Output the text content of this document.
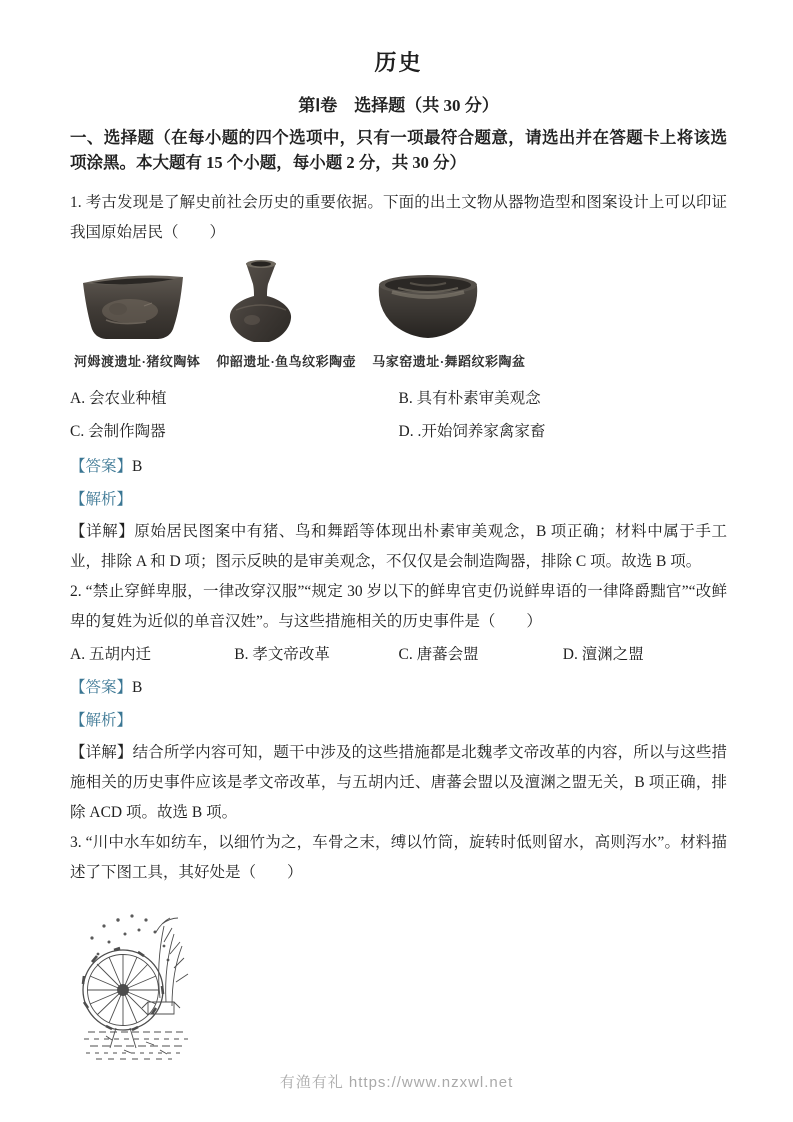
历史
第Ⅰ卷　选择题（共 30 分）

一、选择题（在每小题的四个选项中，只有一项最符合题意，请选出并在答题卡上将该选项涂黑。本大题有 15 个小题，每小题 2 分，共 30 分）

1. 考古发现是了解史前社会历史的重要依据。下面的出土文物从器物造型和图案设计上可以印证我国原始居民（　　）

河姆渡遗址·猪纹陶钵 仰韶遗址·鱼鸟纹彩陶壶 马家窑遗址·舞蹈纹彩陶盆
A. 会农业种植	B. 具有朴素审美观念
C. 会制作陶器	D. .开始饲养家禽家畜

【答案】B

【解析】

【详解】原始居民图案中有猪、鸟和舞蹈等体现出朴素审美观念，B 项正确；材料中属于手工业，排除 A 和 D 项；图示反映的是审美观念，不仅仅是会制造陶器，排除 C 项。故选 B 项。

2. “禁止穿鲜卑服，一律改穿汉服”“规定 30 岁以下的鲜卑官吏仍说鲜卑语的一律降爵黜官”“改鲜卑的复姓为近似的单音汉姓”。与这些措施相关的历史事件是（　　）

A. 五胡内迁	B. 孝文帝改革	C. 唐蕃会盟	D. 澶渊之盟

【答案】B

【解析】

【详解】结合所学内容可知，题干中涉及的这些措施都是北魏孝文帝改革的内容，所以与这些措施相关的历史事件应该是孝文帝改革，与五胡内迁、唐蕃会盟以及澶渊之盟无关，B 项正确，排除 ACD 项。故选 B 项。

3. “川中水车如纺车，以细竹为之，车骨之末，缚以竹筒，旋转时低则留水，高则泻水”。材料描述了下图工具，其好处是（　　）

有渔有礼 https://www.nzxwl.net
